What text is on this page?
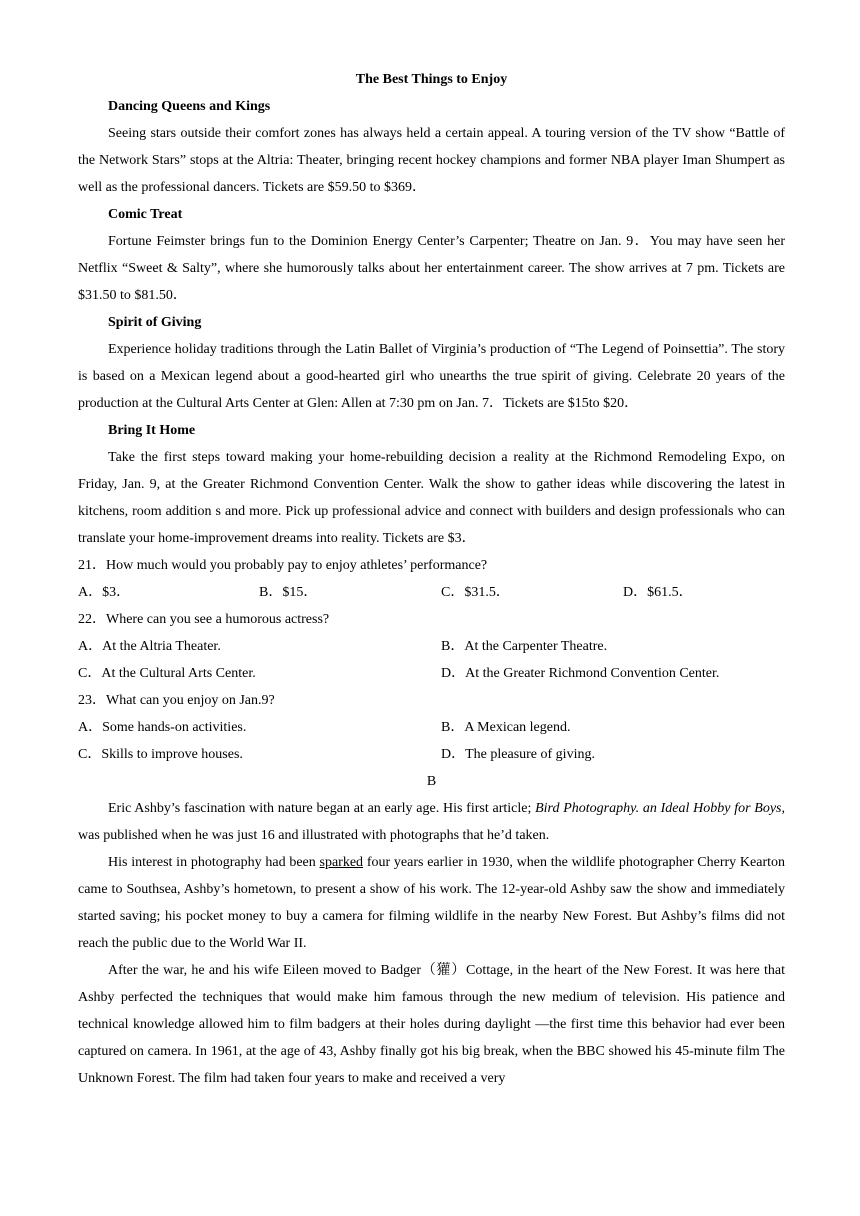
The Best Things to Enjoy

Dancing Queens and Kings

Seeing stars outside their comfort zones has always held a certain appeal. A touring version of the TV show “Battle of the Network Stars” stops at the Altria: Theater, bringing recent hockey champions and former NBA player Iman Shumpert as well as the professional dancers. Tickets are $59.50 to $369．

Comic Treat

Fortune Feimster brings fun to the Dominion Energy Center’s Carpenter; Theatre on Jan. 9．You may have seen her Netflix “Sweet & Salty”, where she humorously talks about her entertainment career. The show arrives at 7 pm. Tickets are $31.50 to $81.50．

Spirit of Giving

Experience holiday traditions through the Latin Ballet of Virginia’s production of “The Legend of Poinsettia”. The story is based on a Mexican legend about a good-hearted girl who unearths the true spirit of giving. Celebrate 20 years of the production at the Cultural Arts Center at Glen: Allen at 7:30 pm on Jan. 7．Tickets are $15to $20．

Bring It Home

Take the first steps toward making your home-rebuilding decision a reality at the Richmond Remodeling Expo, on Friday, Jan. 9, at the Greater Richmond Convention Center. Walk the show to gather ideas while discovering the latest in kitchens, room addition s and more. Pick up professional advice and connect with builders and design professionals who can translate your home-improvement dreams into reality. Tickets are $3．

21．How much would you probably pay to enjoy athletes’ performance?

A．$3．	B．$15．	C．$31.5．	D．$61.5．

22．Where can you see a humorous actress?

A．At the Altria Theater.	B．At the Carpenter Theatre.
C．At the Cultural Arts Center.	D．At the Greater Richmond Convention Center.

23．What can you enjoy on Jan.9?

A．Some hands-on activities.	B．A Mexican legend.
C．Skills to improve houses.	D．The pleasure of giving.

B

Eric Ashby’s fascination with nature began at an early age. His first article; Bird Photography. an Ideal Hobby for Boys, was published when he was just 16 and illustrated with photographs that he’d taken.

His interest in photography had been sparked four years earlier in 1930, when the wildlife photographer Cherry Kearton came to Southsea, Ashby’s hometown, to present a show of his work. The 12-year-old Ashby saw the show and immediately started saving; his pocket money to buy a camera for filming wildlife in the nearby New Forest. But Ashby’s films did not reach the public due to the World War II.

After the war, he and his wife Eileen moved to Badger（獾）Cottage, in the heart of the New Forest. It was here that Ashby perfected the techniques that would make him famous through the new medium of television. His patience and technical knowledge allowed him to film badgers at their holes during daylight —the first time this behavior had ever been captured on camera. In 1961, at the age of 43, Ashby finally got his big break, when the BBC showed his 45-minute film The Unknown Forest. The film had taken four years to make and received a very
